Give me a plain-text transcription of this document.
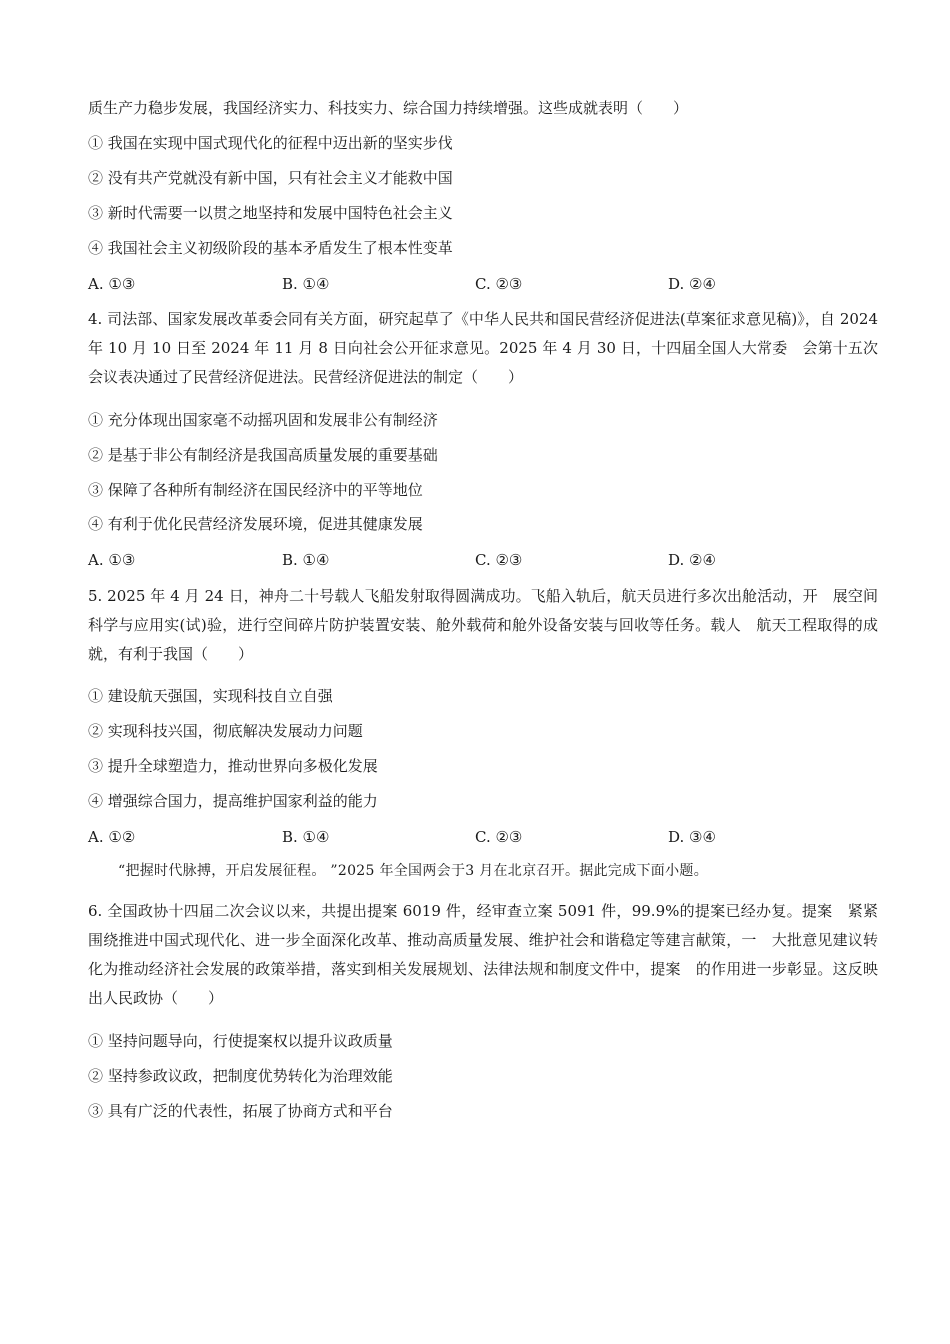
质生产力稳步发展，我国经济实力、科技实力、综合国力持续增强。这些成就表明（　　）
① 我国在实现中国式现代化的征程中迈出新的坚实步伐
② 没有共产党就没有新中国，只有社会主义才能救中国
③ 新时代需要一以贯之地坚持和发展中国特色社会主义
④ 我国社会主义初级阶段的基本矛盾发生了根本性变革
A. ①③	B. ①④	C. ②③	D. ②④
4. 司法部、国家发展改革委会同有关方面，研究起草了《中华人民共和国民营经济促进法(草案征求意见稿)》，自 2024 年 10 月 10 日至 2024 年 11 月 8 日向社会公开征求意见。2025 年 4 月 30 日，十四届全国人大常委　会第十五次会议表决通过了民营经济促进法。民营经济促进法的制定（　　）
① 充分体现出国家毫不动摇巩固和发展非公有制经济
② 是基于非公有制经济是我国高质量发展的重要基础
③ 保障了各种所有制经济在国民经济中的平等地位
④ 有利于优化民营经济发展环境，促进其健康发展
A. ①③	B. ①④	C. ②③	D. ②④
5. 2025 年 4 月 24 日，神舟二十号载人飞船发射取得圆满成功。飞船入轨后，航天员进行多次出舱活动，开　展空间科学与应用实(试)验，进行空间碎片防护装置安装、舱外载荷和舱外设备安装与回收等任务。载人　航天工程取得的成就，有利于我国（　　）
① 建设航天强国，实现科技自立自强
② 实现科技兴国，彻底解决发展动力问题
③ 提升全球塑造力，推动世界向多极化发展
④ 增强综合国力，提高维护国家利益的能力
A. ①②	B. ①④	C. ②③	D. ③④
“把握时代脉搏，开启发展征程。 ”2025 年全国两会于3 月在北京召开。据此完成下面小题。
6. 全国政协十四届二次会议以来，共提出提案 6019 件，经审查立案 5091 件，99.9%的提案已经办复。提案　紧紧围绕推进中国式现代化、进一步全面深化改革、推动高质量发展、维护社会和谐稳定等建言献策，一　大批意见建议转化为推动经济社会发展的政策举措，落实到相关发展规划、法律法规和制度文件中，提案　的作用进一步彰显。这反映出人民政协（　　）
① 坚持问题导向，行使提案权以提升议政质量
② 坚持参政议政，把制度优势转化为治理效能
③ 具有广泛的代表性，拓展了协商方式和平台
